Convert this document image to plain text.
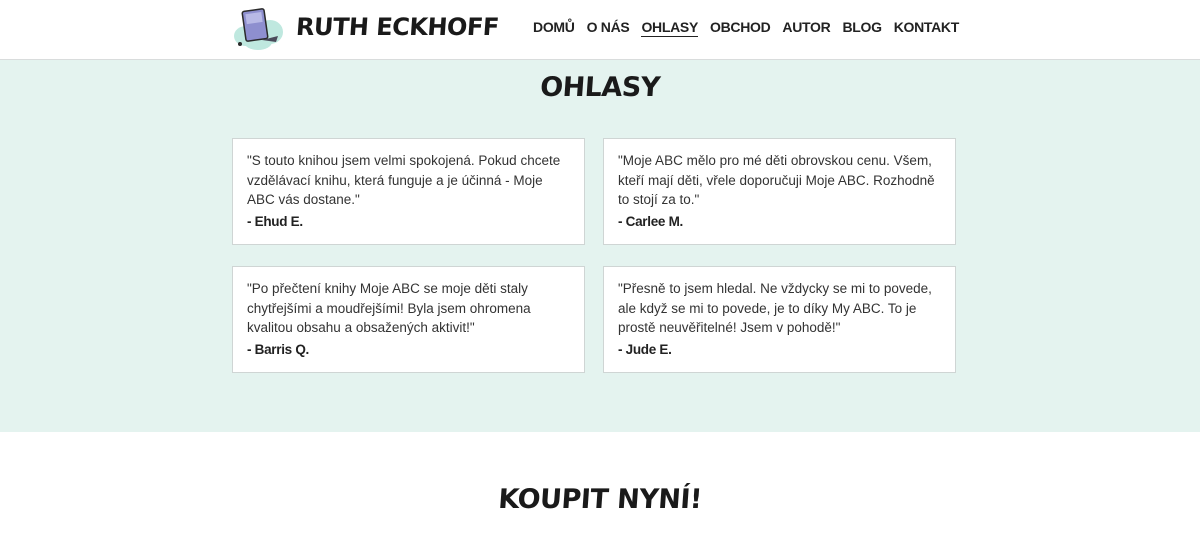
RUTH ECKHOFF DOMŮ O NÁS OHLASY OBCHOD AUTOR BLOG KONTAKT
OHLASY
"S touto knihou jsem velmi spokojená. Pokud chcete vzdělávací knihu, která funguje a je účinná - Moje ABC vás dostane."
- Ehud E.
"Moje ABC mělo pro mé děti obrovskou cenu. Všem, kteří mají děti, vřele doporučuji Moje ABC. Rozhodně to stojí za to."
- Carlee M.
"Po přečtení knihy Moje ABC se moje děti staly chytřejšími a moudřejšími! Byla jsem ohromena kvalitou obsahu a obsažených aktivit!"
- Barris Q.
"Přesně to jsem hledal. Ne vždycky se mi to povede, ale když se mi to povede, je to díky My ABC. To je prostě neuvěřitelné! Jsem v pohodě!"
- Jude E.
KOUPIT NYNÍ!
